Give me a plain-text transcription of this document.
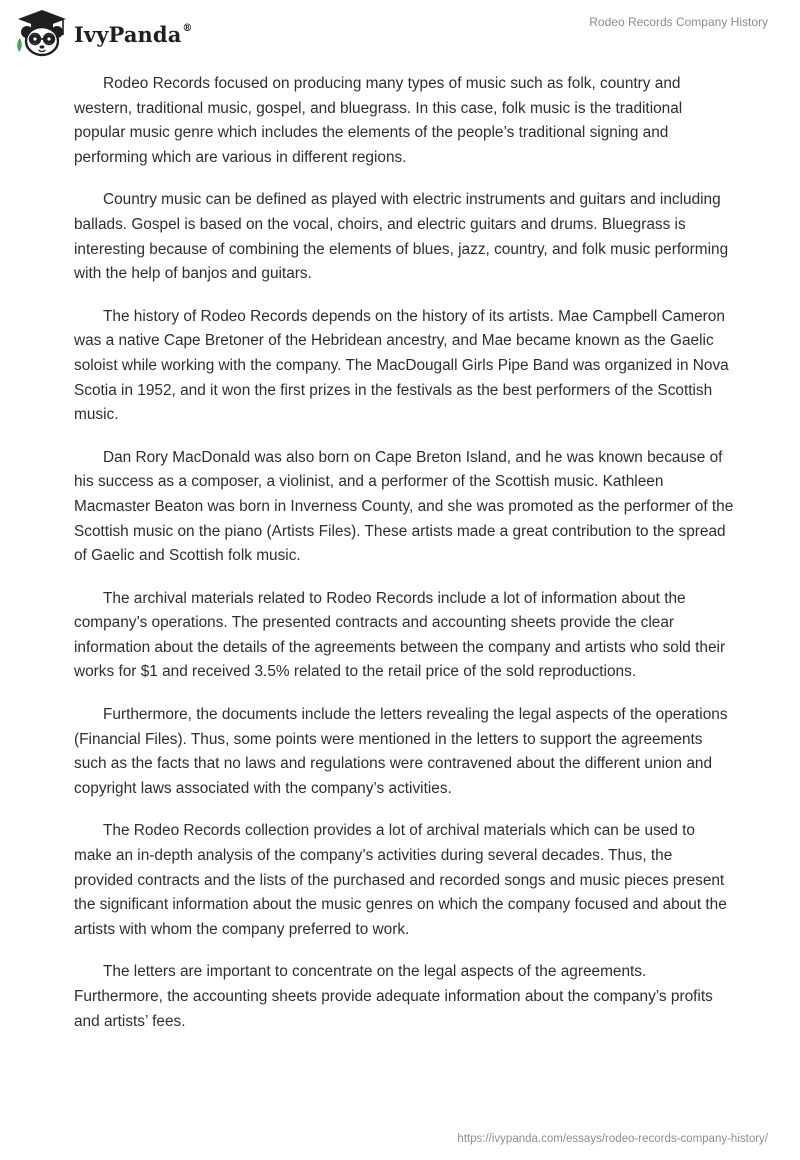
IvyPanda®	Rodeo Records Company History

Rodeo Records focused on producing many types of music such as folk, country and western, traditional music, gospel, and bluegrass. In this case, folk music is the traditional popular music genre which includes the elements of the people’s traditional signing and performing which are various in different regions.

Country music can be defined as played with electric instruments and guitars and including ballads. Gospel is based on the vocal, choirs, and electric guitars and drums. Bluegrass is interesting because of combining the elements of blues, jazz, country, and folk music performing with the help of banjos and guitars.

The history of Rodeo Records depends on the history of its artists. Mae Campbell Cameron was a native Cape Bretoner of the Hebridean ancestry, and Mae became known as the Gaelic soloist while working with the company. The MacDougall Girls Pipe Band was organized in Nova Scotia in 1952, and it won the first prizes in the festivals as the best performers of the Scottish music.

Dan Rory MacDonald was also born on Cape Breton Island, and he was known because of his success as a composer, a violinist, and a performer of the Scottish music. Kathleen Macmaster Beaton was born in Inverness County, and she was promoted as the performer of the Scottish music on the piano (Artists Files). These artists made a great contribution to the spread of Gaelic and Scottish folk music.

The archival materials related to Rodeo Records include a lot of information about the company’s operations. The presented contracts and accounting sheets provide the clear information about the details of the agreements between the company and artists who sold their works for $1 and received 3.5% related to the retail price of the sold reproductions.

Furthermore, the documents include the letters revealing the legal aspects of the operations (Financial Files). Thus, some points were mentioned in the letters to support the agreements such as the facts that no laws and regulations were contravened about the different union and copyright laws associated with the company’s activities.

The Rodeo Records collection provides a lot of archival materials which can be used to make an in-depth analysis of the company’s activities during several decades. Thus, the provided contracts and the lists of the purchased and recorded songs and music pieces present the significant information about the music genres on which the company focused and about the artists with whom the company preferred to work.

The letters are important to concentrate on the legal aspects of the agreements. Furthermore, the accounting sheets provide adequate information about the company’s profits and artists’ fees.

https://ivypanda.com/essays/rodeo-records-company-history/
